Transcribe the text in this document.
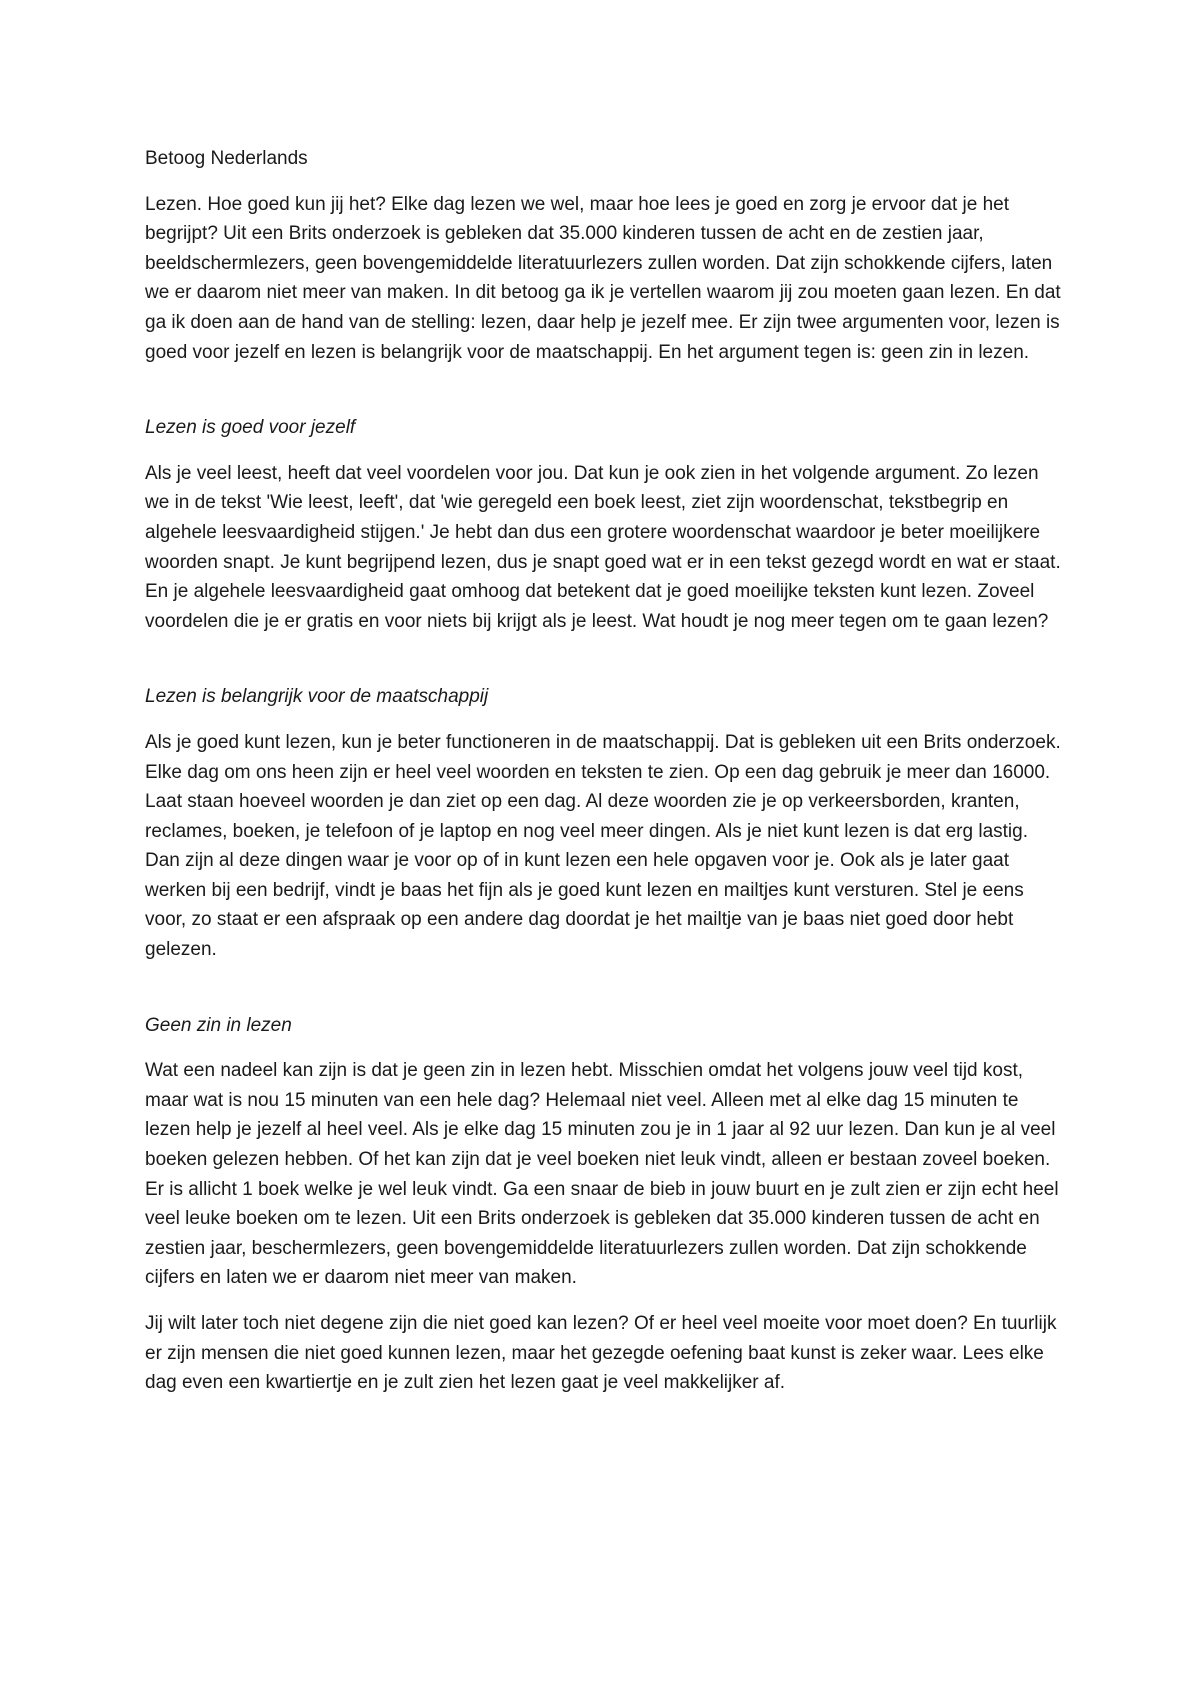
Betoog Nederlands

Lezen. Hoe goed kun jij het? Elke dag lezen we wel, maar hoe lees je goed en zorg je ervoor dat je het begrijpt? Uit een Brits onderzoek is gebleken dat 35.000 kinderen tussen de acht en de zestien jaar, beeldschermlezers, geen bovengemiddelde literatuurlezers zullen worden. Dat zijn schokkende cijfers, laten we er daarom niet meer van maken. In dit betoog ga ik je vertellen waarom jij zou moeten gaan lezen. En dat ga ik doen aan de hand van de stelling: lezen, daar help je jezelf mee. Er zijn twee argumenten voor, lezen is goed voor jezelf en lezen is belangrijk voor de maatschappij. En het argument tegen is: geen zin in lezen.

Lezen is goed voor jezelf

Als je veel leest, heeft dat veel voordelen voor jou. Dat kun je ook zien in het volgende argument. Zo lezen we in de tekst 'Wie leest, leeft', dat 'wie geregeld een boek leest, ziet zijn woordenschat, tekstbegrip en algehele leesvaardigheid stijgen.' Je hebt dan dus een grotere woordenschat waardoor je beter moeilijkere woorden snapt. Je kunt begrijpend lezen, dus je snapt goed wat er in een tekst gezegd wordt en wat er staat. En je algehele leesvaardigheid gaat omhoog dat betekent dat je goed moeilijke teksten kunt lezen. Zoveel voordelen die je er gratis en voor niets bij krijgt als je leest. Wat houdt je nog meer tegen om te gaan lezen?

Lezen is belangrijk voor de maatschappij

Als je goed kunt lezen, kun je beter functioneren in de maatschappij. Dat is gebleken uit een Brits onderzoek. Elke dag om ons heen zijn er heel veel woorden en teksten te zien. Op een dag gebruik je meer dan 16000. Laat staan hoeveel woorden je dan ziet op een dag. Al deze woorden zie je op verkeersborden, kranten, reclames, boeken, je telefoon of je laptop en nog veel meer dingen. Als je niet kunt lezen is dat erg lastig. Dan zijn al deze dingen waar je voor op of in kunt lezen een hele opgaven voor je. Ook als je later gaat werken bij een bedrijf, vindt je baas het fijn als je goed kunt lezen en mailtjes kunt versturen. Stel je eens voor, zo staat er een afspraak op een andere dag doordat je het mailtje van je baas niet goed door hebt gelezen.

Geen zin in lezen

Wat een nadeel kan zijn is dat je geen zin in lezen hebt. Misschien omdat het volgens jouw veel tijd kost, maar wat is nou 15 minuten van een hele dag? Helemaal niet veel. Alleen met al elke dag 15 minuten te lezen help je jezelf al heel veel. Als je elke dag 15 minuten zou je in 1 jaar al 92 uur lezen. Dan kun je al veel boeken gelezen hebben. Of het kan zijn dat je veel boeken niet leuk vindt, alleen er bestaan zoveel boeken. Er is allicht 1 boek welke je wel leuk vindt. Ga een snaar de bieb in jouw buurt en je zult zien er zijn echt heel veel leuke boeken om te lezen. Uit een Brits onderzoek is gebleken dat 35.000 kinderen tussen de acht en zestien jaar, beschermlezers, geen bovengemiddelde literatuurlezers zullen worden. Dat zijn schokkende cijfers en laten we er daarom niet meer van maken.

Jij wilt later toch niet degene zijn die niet goed kan lezen? Of er heel veel moeite voor moet doen? En tuurlijk er zijn mensen die niet goed kunnen lezen, maar het gezegde oefening baat kunst is zeker waar. Lees elke dag even een kwartiertje en je zult zien het lezen gaat je veel makkelijker af.
